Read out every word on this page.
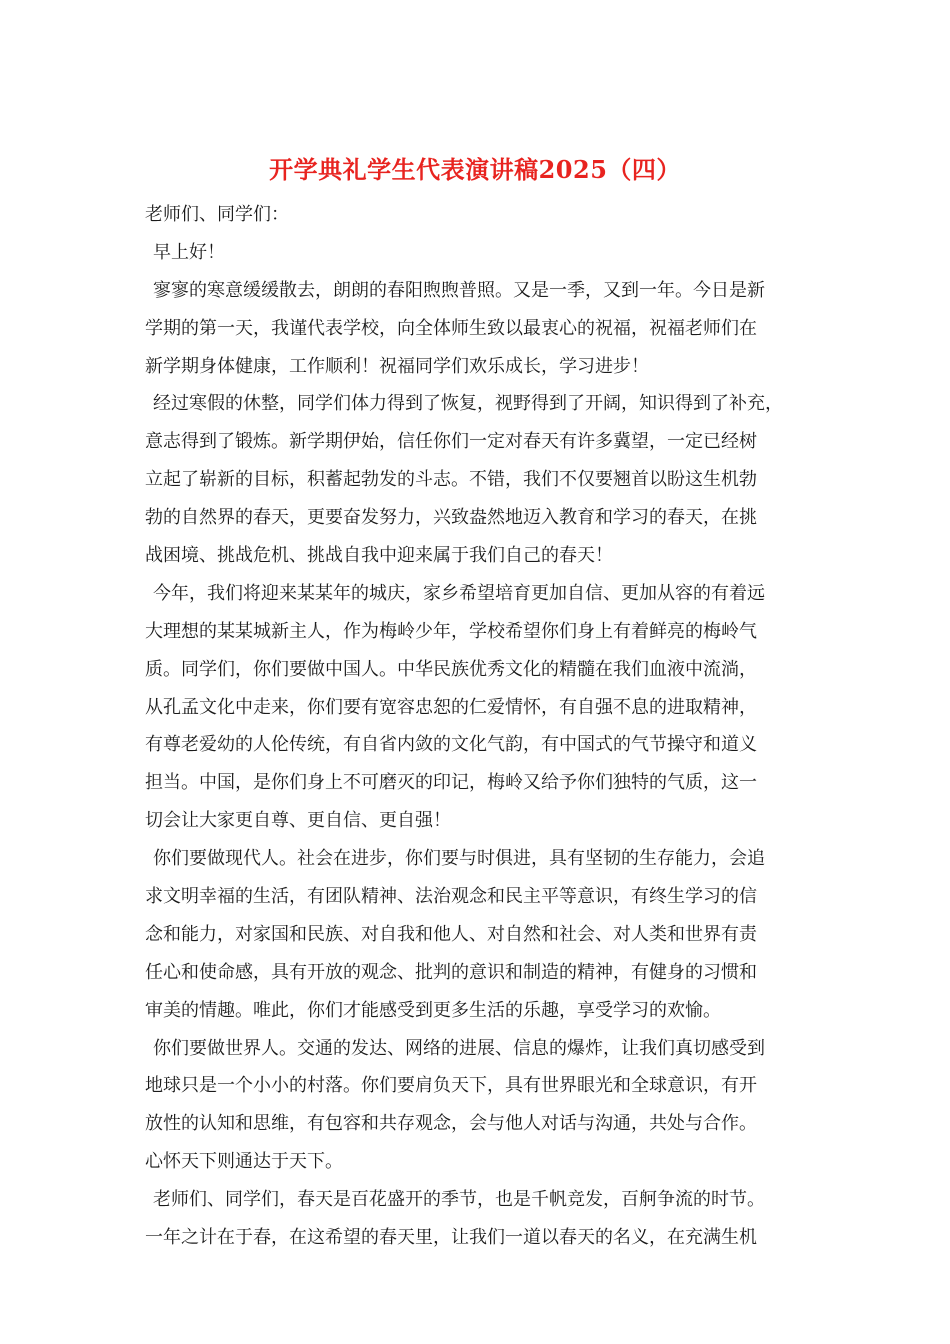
开学典礼学生代表演讲稿2025（四）

老师们、同学们：

早上好！

寥寥的寒意缓缓散去，朗朗的春阳煦煦普照。又是一季，又到一年。今日是新

学期的第一天，我谨代表学校，向全体师生致以最衷心的祝福，祝福老师们在

新学期身体健康，工作顺利！祝福同学们欢乐成长，学习进步！

经过寒假的休整，同学们体力得到了恢复，视野得到了开阔，知识得到了补充，

意志得到了锻炼。新学期伊始，信任你们一定对春天有许多冀望，一定已经树

立起了崭新的目标，积蓄起勃发的斗志。不错，我们不仅要翘首以盼这生机勃

勃的自然界的春天，更要奋发努力，兴致盎然地迈入教育和学习的春天，在挑

战困境、挑战危机、挑战自我中迎来属于我们自己的春天！

今年，我们将迎来某某年的城庆，家乡希望培育更加自信、更加从容的有着远

大理想的某某城新主人，作为梅岭少年，学校希望你们身上有着鲜亮的梅岭气

质。同学们，你们要做中国人。中华民族优秀文化的精髓在我们血液中流淌，

从孔孟文化中走来，你们要有宽容忠恕的仁爱情怀，有自强不息的进取精神，

有尊老爱幼的人伦传统，有自省内敛的文化气韵，有中国式的气节操守和道义

担当。中国，是你们身上不可磨灭的印记，梅岭又给予你们独特的气质，这一

切会让大家更自尊、更自信、更自强！

你们要做现代人。社会在进步，你们要与时俱进，具有坚韧的生存能力，会追

求文明幸福的生活，有团队精神、法治观念和民主平等意识，有终生学习的信

念和能力，对家国和民族、对自我和他人、对自然和社会、对人类和世界有责

任心和使命感，具有开放的观念、批判的意识和制造的精神，有健身的习惯和

审美的情趣。唯此，你们才能感受到更多生活的乐趣，享受学习的欢愉。

你们要做世界人。交通的发达、网络的进展、信息的爆炸，让我们真切感受到

地球只是一个小小的村落。你们要肩负天下，具有世界眼光和全球意识，有开

放性的认知和思维，有包容和共存观念，会与他人对话与沟通，共处与合作。

心怀天下则通达于天下。

老师们、同学们，春天是百花盛开的季节，也是千帆竞发，百舸争流的时节。

一年之计在于春，在这希望的春天里，让我们一道以春天的名义，在充满生机
